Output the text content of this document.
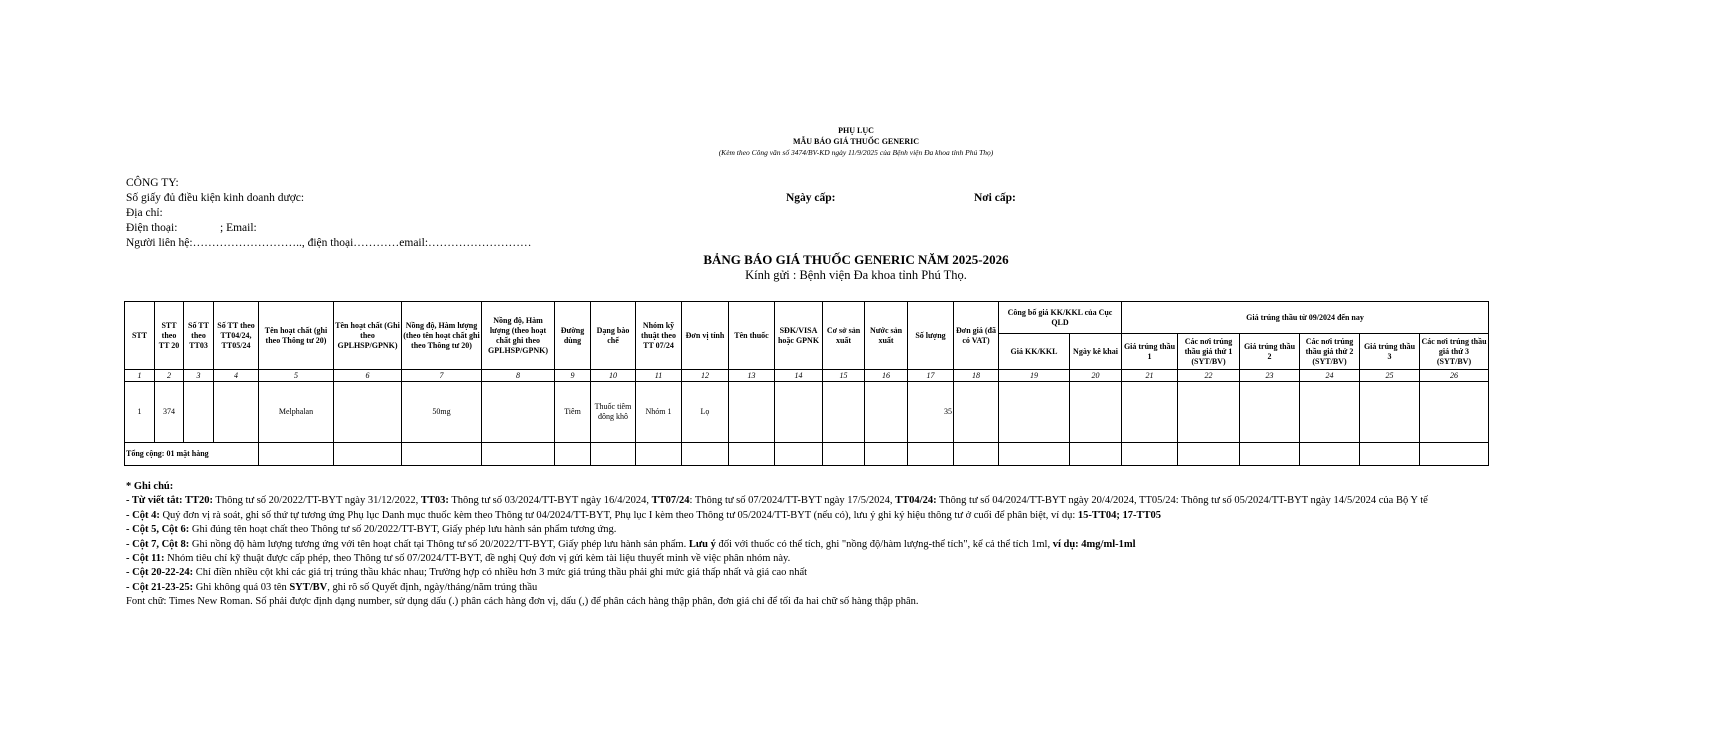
PHỤ LỤC
MẪU BÁO GIÁ THUỐC GENERIC
(Kèm theo Công văn số 3474/BV-KD ngày 11/9/2025 của Bệnh viện Đa khoa tỉnh Phú Thọ)
CÔNG TY:
Số giấy đủ điều kiện kinh doanh dược:	Ngày cấp:	Nơi cấp:
Địa chỉ:
Điện thoại:	; Email:
Người liên hệ:……………………….., điện thoại…………email:………………………
BẢNG BÁO GIÁ THUỐC GENERIC NĂM 2025-2026
Kính gửi : Bệnh viện Đa khoa tỉnh Phú Thọ.
STT	STT theo TT 20	Số TT theo TT03	Số TT theo TT04/24, TT05/24	Tên hoạt chất (ghi theo Thông tư 20)	Tên hoạt chất (Ghi theo GPLHSP/GPNK)	Nồng độ, Hàm lượng (theo tên hoạt chất ghi theo Thông tư 20)	Nồng độ, Hàm lượng (theo hoạt chất ghi theo GPLHSP/GPNK)	Đường dùng	Dạng bào chế	Nhóm kỹ thuật theo TT 07/24	Đơn vị tính	Tên thuốc	SĐK/VISA hoặc GPNK	Cơ sở sản xuất	Nước sản xuất	Số lượng	Đơn giá (đã có VAT)	Công bố giá KK/KKL của Cục QLD		Giá trúng thầu từ 09/2024 đến nay					
																		Giá KK/KKL	Ngày kê khai	Giá trúng thầu 1	Các nơi trúng thầu giá thứ 1 (SYT/BV)	Giá trúng thầu 2	Các nơi trúng thầu giá thứ 2 (SYT/BV)	Giá trúng thầu 3	Các nơi trúng thầu giá thứ 3 (SYT/BV)
1	2	3	4	5	6	7	8	9	10	11	12	13	14	15	16	17	18	19	20	21	22	23	24	25	26
1	374			Melphalan		50mg		Tiêm	Thuốc tiêm đông khô	Nhóm 1	Lọ					35									
Tổng cộng: 01 mặt hàng																									
* Ghi chú:
- Từ viết tắt: TT20: Thông tư số 20/2022/TT-BYT ngày 31/12/2022, TT03: Thông tư số 03/2024/TT-BYT ngày 16/4/2024, TT07/24: Thông tư số 07/2024/TT-BYT ngày 17/5/2024, TT04/24: Thông tư số 04/2024/TT-BYT ngày 20/4/2024, TT05/24: Thông tư số 05/2024/TT-BYT ngày 14/5/2024 của Bộ Y tế
- Cột 4: Quý đơn vị rà soát, ghi số thứ tự tương ứng Phụ lục Danh mục thuốc kèm theo Thông tư 04/2024/TT-BYT, Phụ lục I kèm theo Thông tư 05/2024/TT-BYT (nếu có), lưu ý ghi ký hiệu thông tư ở cuối để phân biệt, ví dụ: 15-TT04; 17-TT05
- Cột 5, Cột 6: Ghi đúng tên hoạt chất theo Thông tư số 20/2022/TT-BYT, Giấy phép lưu hành sản phẩm tương ứng.
- Cột 7, Cột 8: Ghi nồng độ hàm lượng tương ứng với tên hoạt chất tại Thông tư số 20/2022/TT-BYT, Giấy phép lưu hành sản phẩm. Lưu ý đối với thuốc có thể tích, ghi "nồng độ/hàm lượng-thể tích", kể cả thể tích 1ml, ví dụ: 4mg/ml-1ml
- Cột 11: Nhóm tiêu chí kỹ thuật được cấp phép, theo Thông tư số 07/2024/TT-BYT, đề nghị Quý đơn vị gửi kèm tài liệu thuyết minh về việc phân nhóm này.
- Cột 20-22-24: Chỉ điền nhiều cột khi các giá trị trúng thầu khác nhau; Trường hợp có nhiều hơn 3 mức giá trúng thầu phải ghi mức giá thấp nhất và giá cao nhất
- Cột 21-23-25: Ghi không quá 03 tên SYT/BV, ghi rõ số Quyết định, ngày/tháng/năm trúng thầu
Font chữ: Times New Roman. Số phải được định dạng number, sử dụng dấu (.) phân cách hàng đơn vị, dấu (,) để phân cách hàng thập phân, đơn giá chỉ để tối đa hai chữ số hàng thập phân.
